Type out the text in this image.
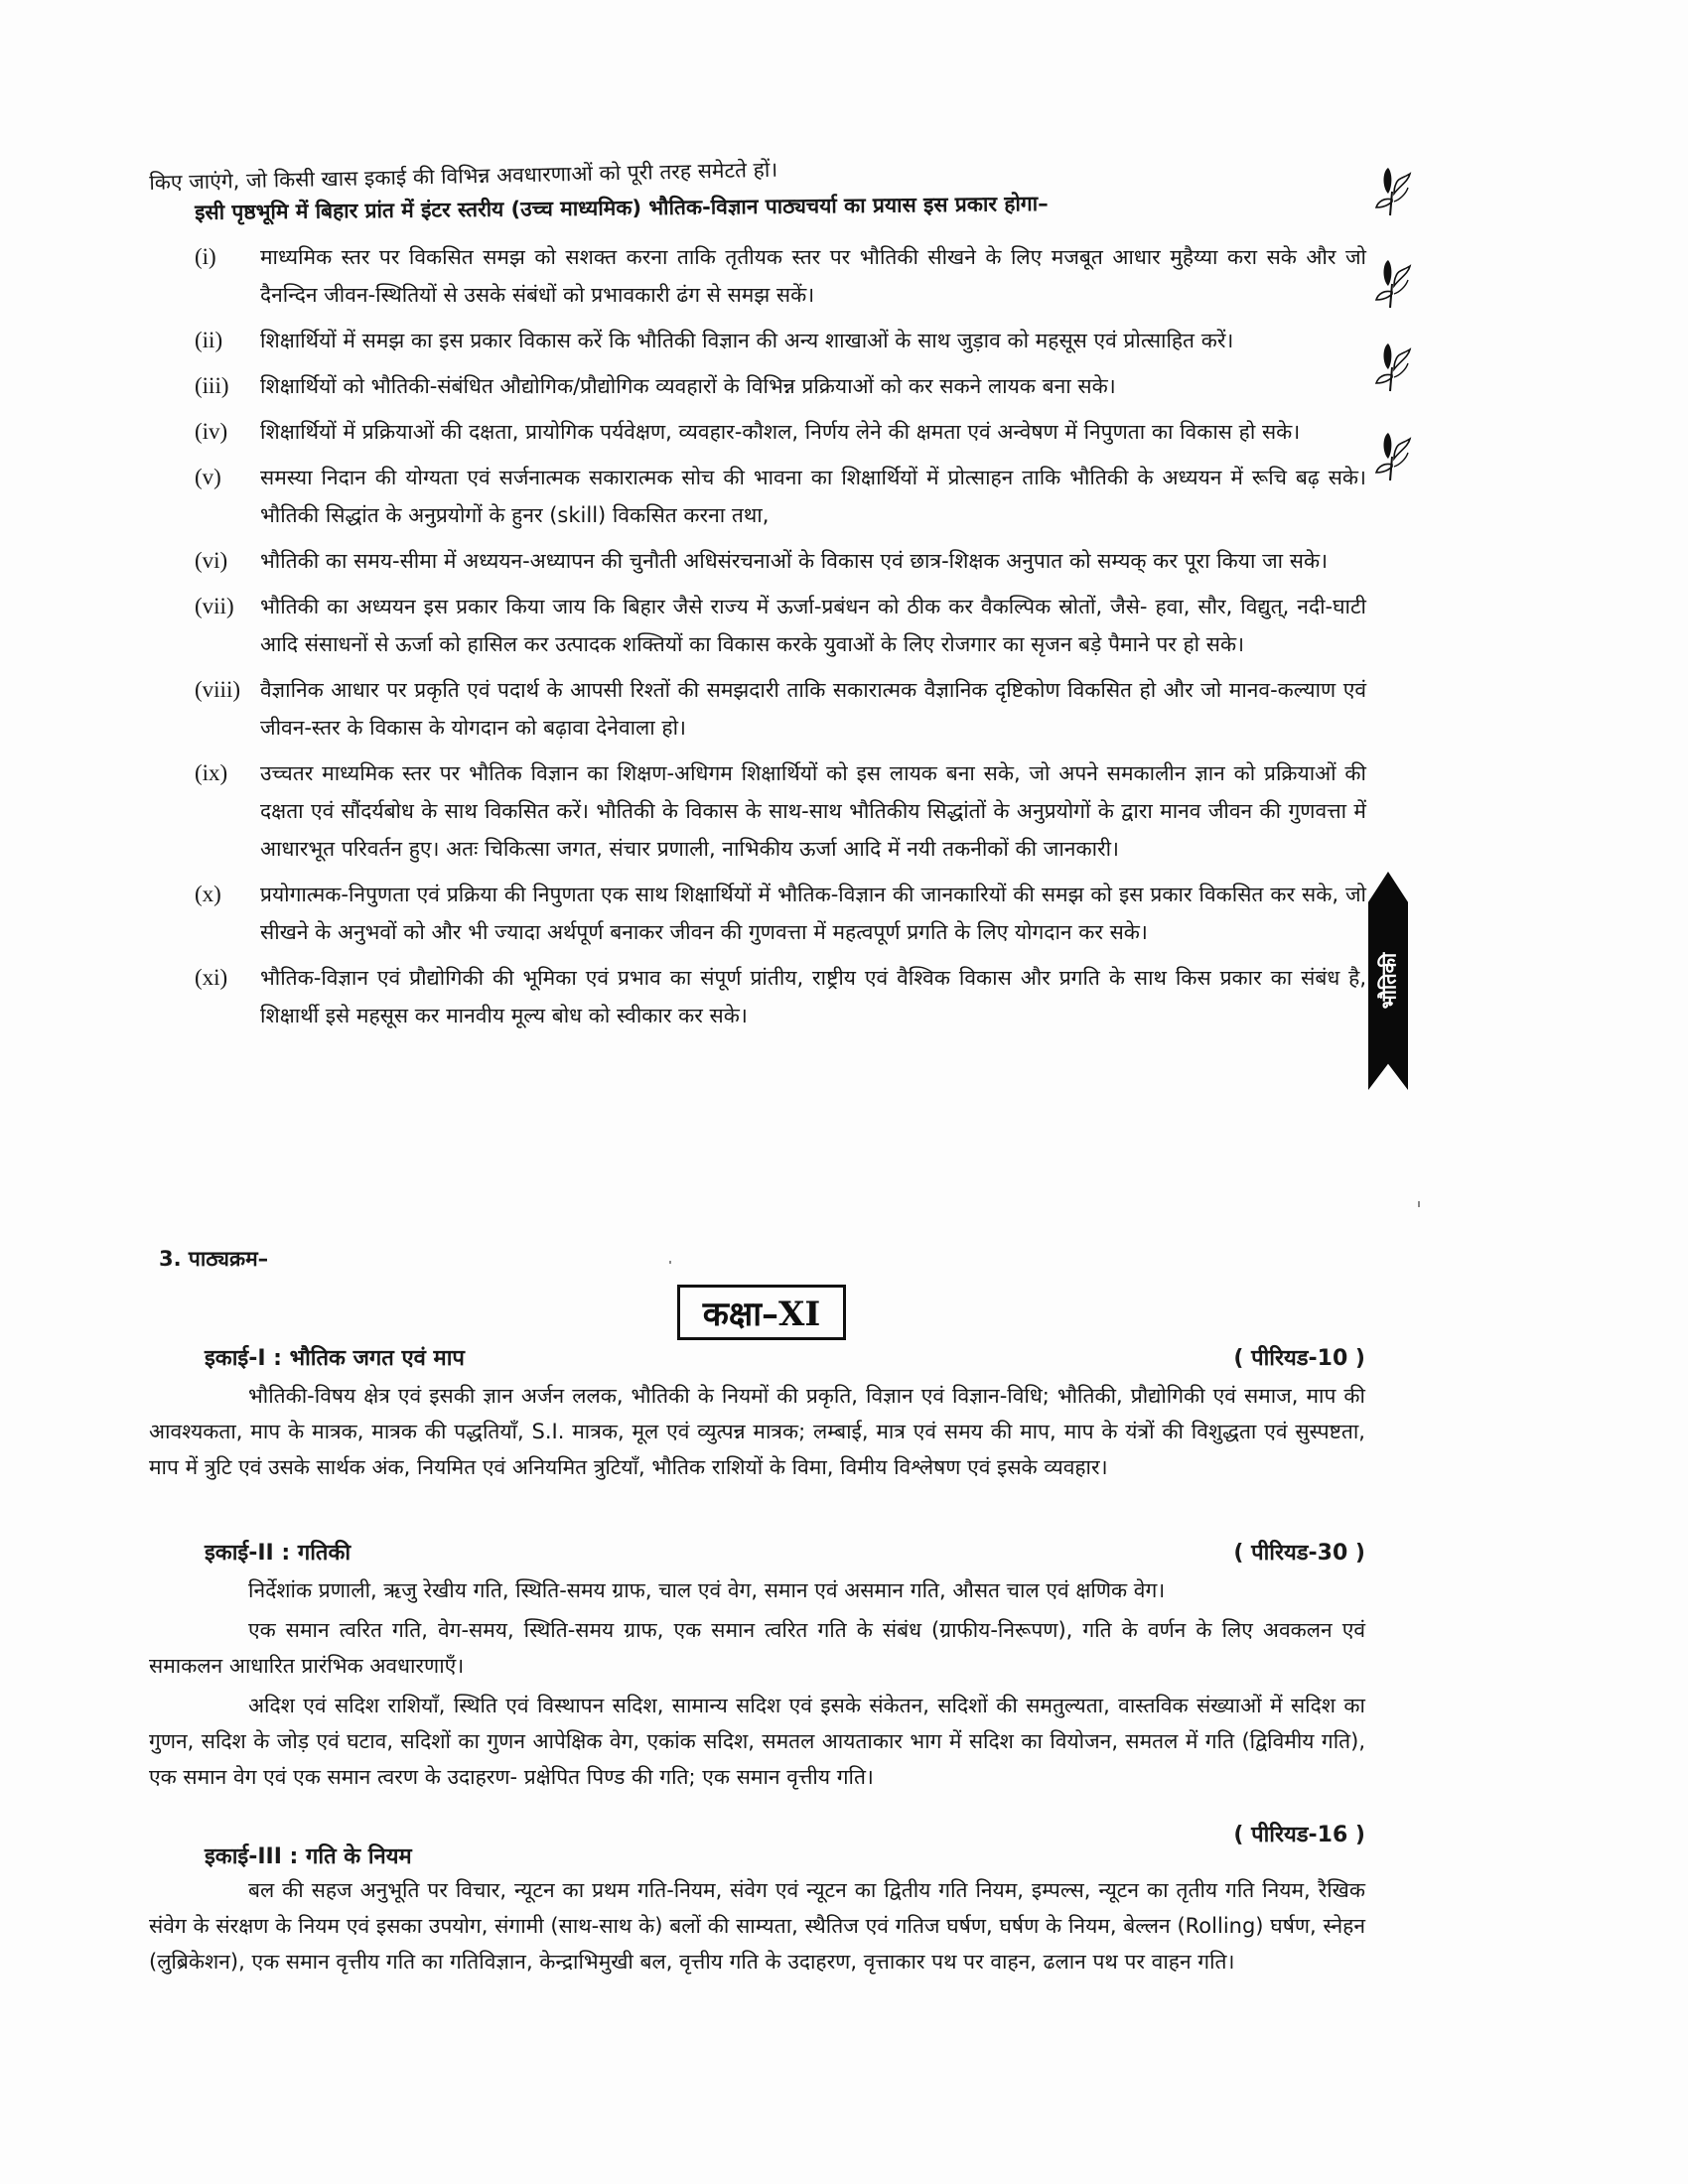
किए जाएंगे, जो किसी खास इकाई की विभिन्न अवधारणाओं को पूरी तरह समेटते हों।
इसी पृष्ठभूमि में बिहार प्रांत में इंटर स्तरीय (उच्च माध्यमिक) भौतिक-विज्ञान पाठ्यचर्या का प्रयास इस प्रकार होगा–
(i) माध्यमिक स्तर पर विकसित समझ को सशक्त करना ताकि तृतीयक स्तर पर भौतिकी सीखने के लिए मजबूत आधार मुहैय्या करा सके और जो दैनन्दिन जीवन-स्थितियों से उसके संबंधों को प्रभावकारी ढंग से समझ सकें।
(ii) शिक्षार्थियों में समझ का इस प्रकार विकास करें कि भौतिकी विज्ञान की अन्य शाखाओं के साथ जुड़ाव को महसूस एवं प्रोत्साहित करें।
(iii) शिक्षार्थियों को भौतिकी-संबंधित औद्योगिक/प्रौद्योगिक व्यवहारों के विभिन्न प्रक्रियाओं को कर सकने लायक बना सके।
(iv) शिक्षार्थियों में प्रक्रियाओं की दक्षता, प्रायोगिक पर्यवेक्षण, व्यवहार-कौशल, निर्णय लेने की क्षमता एवं अन्वेषण में निपुणता का विकास हो सके।
(v) समस्या निदान की योग्यता एवं सर्जनात्मक सकारात्मक सोच की भावना का शिक्षार्थियों में प्रोत्साहन ताकि भौतिकी के अध्ययन में रूचि बढ़ सके। भौतिकी सिद्धांत के अनुप्रयोगों के हुनर (skill) विकसित करना तथा,
(vi) भौतिकी का समय-सीमा में अध्ययन-अध्यापन की चुनौती अधिसंरचनाओं के विकास एवं छात्र-शिक्षक अनुपात को सम्यक् कर पूरा किया जा सके।
(vii) भौतिकी का अध्ययन इस प्रकार किया जाय कि बिहार जैसे राज्य में ऊर्जा-प्रबंधन को ठीक कर वैकल्पिक स्रोतों, जैसे- हवा, सौर, विद्युत्, नदी-घाटी आदि संसाधनों से ऊर्जा को हासिल कर उत्पादक शक्तियों का विकास करके युवाओं के लिए रोजगार का सृजन बड़े पैमाने पर हो सके।
(viii) वैज्ञानिक आधार पर प्रकृति एवं पदार्थ के आपसी रिश्तों की समझदारी ताकि सकारात्मक वैज्ञानिक दृष्टिकोण विकसित हो और जो मानव-कल्याण एवं जीवन-स्तर के विकास के योगदान को बढ़ावा देनेवाला हो।
(ix) उच्चतर माध्यमिक स्तर पर भौतिक विज्ञान का शिक्षण-अधिगम शिक्षार्थियों को इस लायक बना सके, जो अपने समकालीन ज्ञान को प्रक्रियाओं की दक्षता एवं सौंदर्यबोध के साथ विकसित करें। भौतिकी के विकास के साथ-साथ भौतिकीय सिद्धांतों के अनुप्रयोगों के द्वारा मानव जीवन की गुणवत्ता में आधारभूत परिवर्तन हुए। अतः चिकित्सा जगत, संचार प्रणाली, नाभिकीय ऊर्जा आदि में नयी तकनीकों की जानकारी।
(x) प्रयोगात्मक-निपुणता एवं प्रक्रिया की निपुणता एक साथ शिक्षार्थियों में भौतिक-विज्ञान की जानकारियों की समझ को इस प्रकार विकसित कर सके, जो सीखने के अनुभवों को और भी ज्यादा अर्थपूर्ण बनाकर जीवन की गुणवत्ता में महत्वपूर्ण प्रगति के लिए योगदान कर सके।
(xi) भौतिक-विज्ञान एवं प्रौद्योगिकी की भूमिका एवं प्रभाव का संपूर्ण प्रांतीय, राष्ट्रीय एवं वैश्विक विकास और प्रगति के साथ किस प्रकार का संबंध है, शिक्षार्थी इसे महसूस कर मानवीय मूल्य बोध को स्वीकार कर सके।
भौतिकी
3. पाठ्यक्रम–
कक्षा–XI
इकाई-I : भौतिक जगत एवं माप	( पीरियड-10 )

भौतिकी-विषय क्षेत्र एवं इसकी ज्ञान अर्जन ललक, भौतिकी के नियमों की प्रकृति, विज्ञान एवं विज्ञान-विधि; भौतिकी, प्रौद्योगिकी एवं समाज, माप की आवश्यकता, माप के मात्रक, मात्रक की पद्धतियाँ, S.I. मात्रक, मूल एवं व्युत्पन्न मात्रक; लम्बाई, मात्र एवं समय की माप, माप के यंत्रों की विशुद्धता एवं सुस्पष्टता, माप में त्रुटि एवं उसके सार्थक अंक, नियमित एवं अनियमित त्रुटियाँ, भौतिक राशियों के विमा, विमीय विश्लेषण एवं इसके व्यवहार।

इकाई-II : गतिकी	( पीरियड-30 )

निर्देशांक प्रणाली, ऋजु रेखीय गति, स्थिति-समय ग्राफ, चाल एवं वेग, समान एवं असमान गति, औसत चाल एवं क्षणिक वेग।

एक समान त्वरित गति, वेग-समय, स्थिति-समय ग्राफ, एक समान त्वरित गति के संबंध (ग्राफीय-निरूपण), गति के वर्णन के लिए अवकलन एवं समाकलन आधारित प्रारंभिक अवधारणाएँ।

अदिश एवं सदिश राशियाँ, स्थिति एवं विस्थापन सदिश, सामान्य सदिश एवं इसके संकेतन, सदिशों की समतुल्यता, वास्तविक संख्याओं में सदिश का गुणन, सदिश के जोड़ एवं घटाव, सदिशों का गुणन आपेक्षिक वेग, एकांक सदिश, समतल आयताकार भाग में सदिश का वियोजन, समतल में गति (द्विविमीय गति), एक समान वेग एवं एक समान त्वरण के उदाहरण- प्रक्षेपित पिण्ड की गति; एक समान वृत्तीय गति।

इकाई-III : गति के नियम
( पीरियड-16 )

बल की सहज अनुभूति पर विचार, न्यूटन का प्रथम गति-नियम, संवेग एवं न्यूटन का द्वितीय गति नियम, इम्पल्स, न्यूटन का तृतीय गति नियम, रैखिक संवेग के संरक्षण के नियम एवं इसका उपयोग, संगामी (साथ-साथ के) बलों की साम्यता, स्थैतिज एवं गतिज घर्षण, घर्षण के नियम, बेल्लन (Rolling) घर्षण, स्नेहन (लुब्रिकेशन), एक समान वृत्तीय गति का गतिविज्ञान, केन्द्राभिमुखी बल, वृत्तीय गति के उदाहरण, वृत्ताकार पथ पर वाहन, ढलान पथ पर वाहन गति।
